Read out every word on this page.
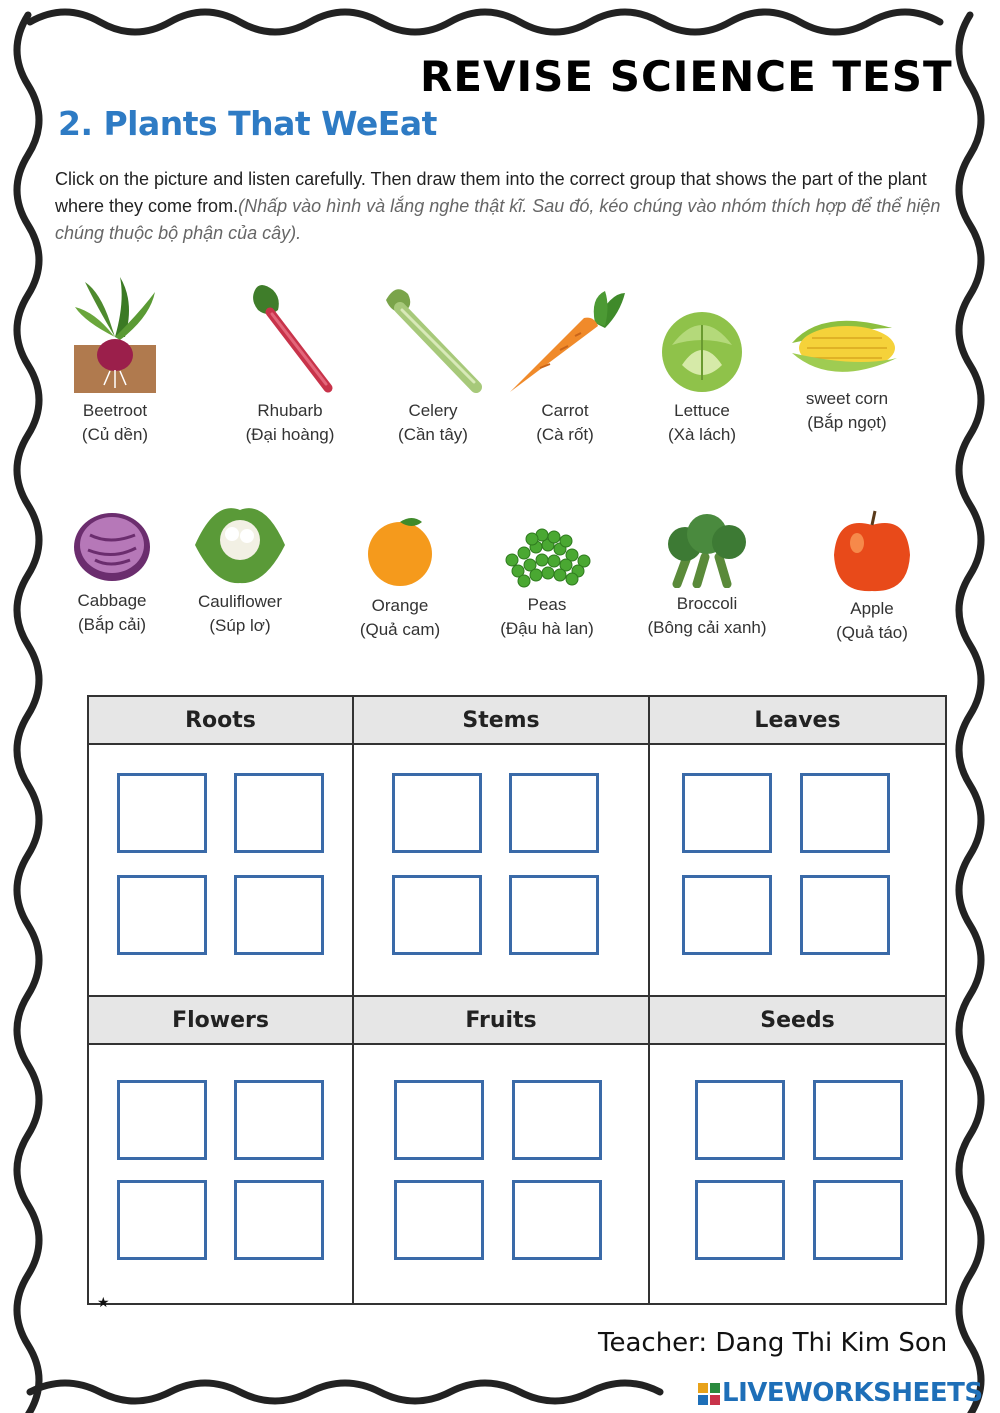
REVISE SCIENCE TEST
2. Plants That WeEat
Click on the picture and listen carefully. Then draw them into the correct group that shows the part of the plant where they come from.(Nhấp vào hình và lắng nghe thật kĩ. Sau đó, kéo chúng vào nhóm thích hợp để thể hiện chúng thuộc bộ phận của cây).
Beetroot
(Củ dền)
Rhubarb
(Đại hoàng)
Celery
(Cần tây)
Carrot
(Cà rốt)
Lettuce
(Xà lách)
sweet corn
(Bắp ngọt)
Cabbage
(Bắp cải)
Cauliflower
(Súp lơ)
Orange
(Quả cam)
Peas
(Đậu hà lan)
Broccoli
(Bông cải xanh)
Apple
(Quả táo)
Roots	Stems	Leaves

Flowers	Fruits	Seeds

★
Teacher: Dang Thi Kim Son
LIVEWORKSHEETS
